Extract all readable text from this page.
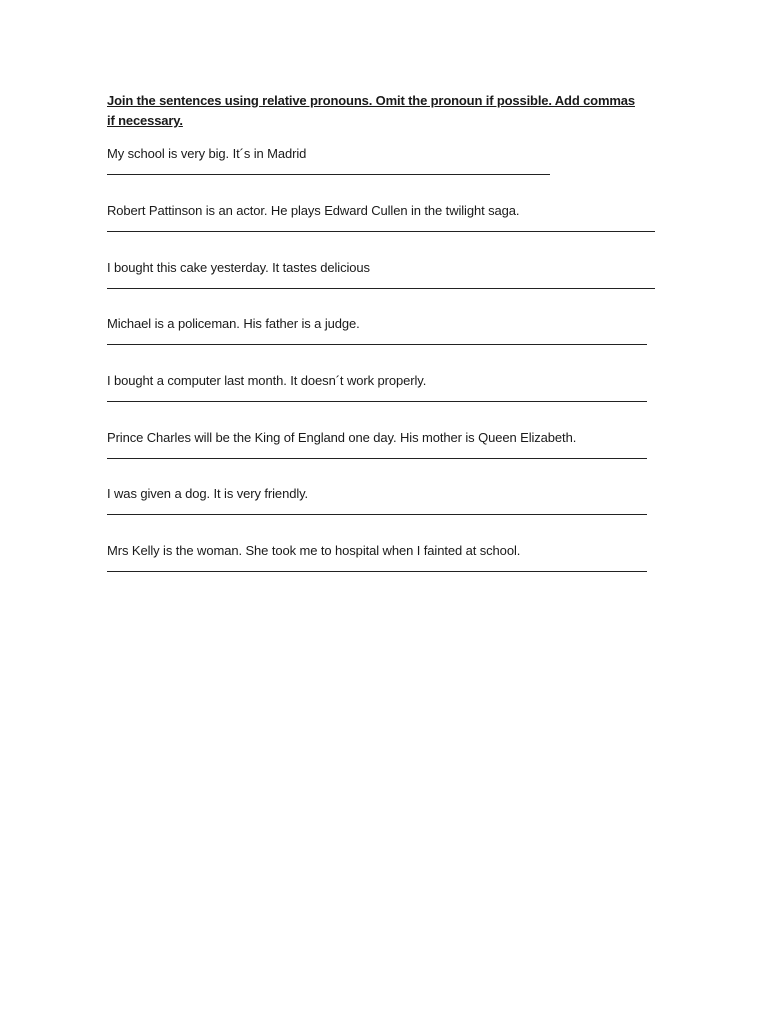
Join the sentences using relative pronouns. Omit the pronoun if possible. Add commas if necessary.
My school is very big. It´s in Madrid
Robert Pattinson is an actor. He plays Edward Cullen in the twilight saga.
I bought this cake yesterday. It tastes delicious
Michael is a policeman. His father is a judge.
I bought a computer last month. It doesn´t work properly.
Prince Charles will be the King of England one day. His mother is Queen Elizabeth.
I was given a dog. It is very friendly.
Mrs Kelly is the woman. She took me to hospital when I fainted at school.
